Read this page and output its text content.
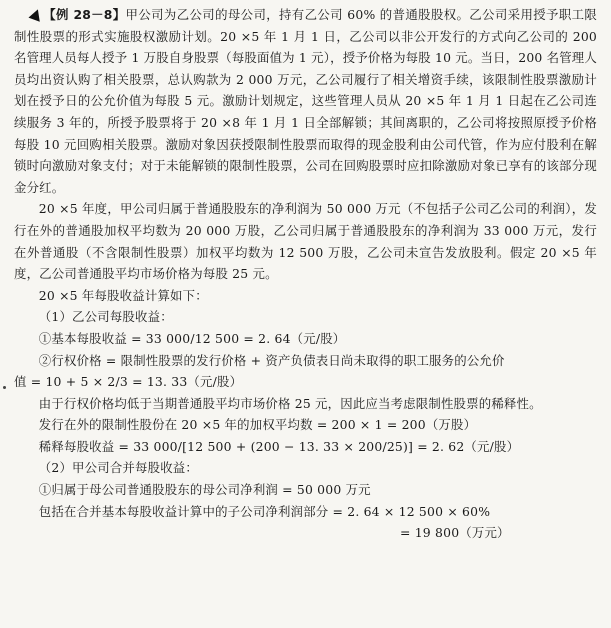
【例 28－8】甲公司为乙公司的母公司，持有乙公司 60% 的普通股股权。乙公司采用授予职工限制性股票的形式实施股权激励计划。20 ×5 年 1 月 1 日，乙公司以非公开发行的方式向乙公司的 200 名管理人员每人授予 1 万股自身股票（每股面值为 1 元），授予价格为每股 10 元。当日，200 名管理人员均出资认购了相关股票，总认购款为 2 000 万元，乙公司履行了相关增资手续，该限制性股票激励计划在授予日的公允价值为每股 5 元。激励计划规定，这些管理人员从 20 ×5 年 1 月 1 日起在乙公司连续服务 3 年的，所授予股票将于 20 ×8 年 1 月 1 日全部解锁；其间离职的，乙公司将按照原授予价格每股 10 元回购相关股票。激励对象因获授限制性股票而取得的现金股利由公司代管，作为应付股利在解锁时向激励对象支付；对于未能解锁的限制性股票，公司在回购股票时应扣除激励对象已享有的该部分现金分红。

20 ×5 年度，甲公司归属于普通股股东的净利润为 50 000 万元（不包括子公司乙公司的利润），发行在外的普通股加权平均数为 20 000 万股，乙公司归属于普通股股东的净利润为 33 000 万元，发行在外普通股（不含限制性股票）加权平均数为 12 500 万股，乙公司未宣告发放股利。假定 20 ×5 年度，乙公司普通股平均市场价格为每股 25 元。

20 ×5 年每股收益计算如下：

（1）乙公司每股收益：

①基本每股收益 = 33 000/12 500 = 2. 64（元/股）

②行权价格 = 限制性股票的发行价格 + 资产负债表日尚未取得的职工服务的公允价

值 = 10 + 5 × 2/3 = 13. 33（元/股）

由于行权价格均低于当期普通股平均市场价格 25 元，因此应当考虑限制性股票的稀释性。

发行在外的限制性股份在 20 ×5 年的加权平均数 = 200 × 1 = 200（万股）

稀释每股收益 = 33 000/[12 500 + (200 − 13. 33 × 200/25)] = 2. 62（元/股）

（2）甲公司合并每股收益：

①归属于母公司普通股股东的母公司净利润 = 50 000 万元

包括在合并基本每股收益计算中的子公司净利润部分 = 2. 64 × 12 500 × 60%

= 19 800（万元）
